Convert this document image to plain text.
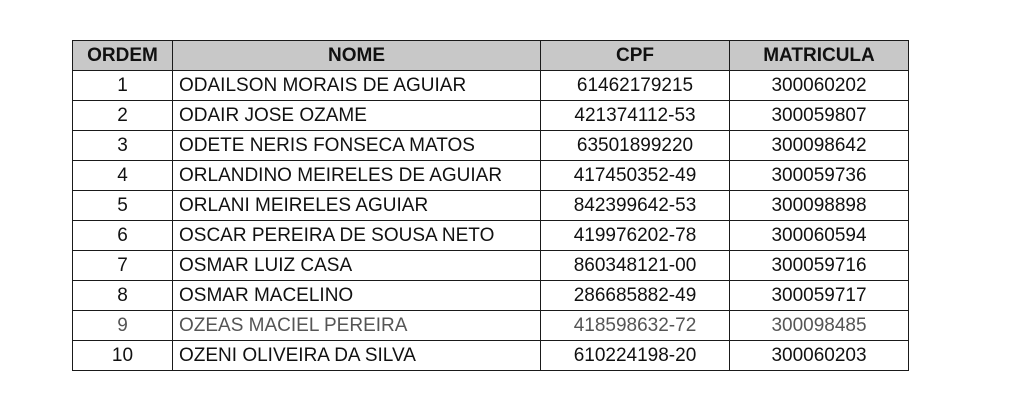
ORDEM	NOME	CPF	MATRICULA
1	ODAILSON MORAIS DE AGUIAR	61462179215	300060202
2	ODAIR JOSE OZAME	421374112-53	300059807
3	ODETE NERIS FONSECA MATOS	63501899220	300098642
4	ORLANDINO MEIRELES DE AGUIAR	417450352-49	300059736
5	ORLANI MEIRELES AGUIAR	842399642-53	300098898
6	OSCAR PEREIRA DE SOUSA NETO	419976202-78	300060594
7	OSMAR LUIZ CASA	860348121-00	300059716
8	OSMAR MACELINO	286685882-49	300059717
9	OZEAS MACIEL PEREIRA	418598632-72	300098485
10	OZENI OLIVEIRA DA SILVA	610224198-20	300060203
